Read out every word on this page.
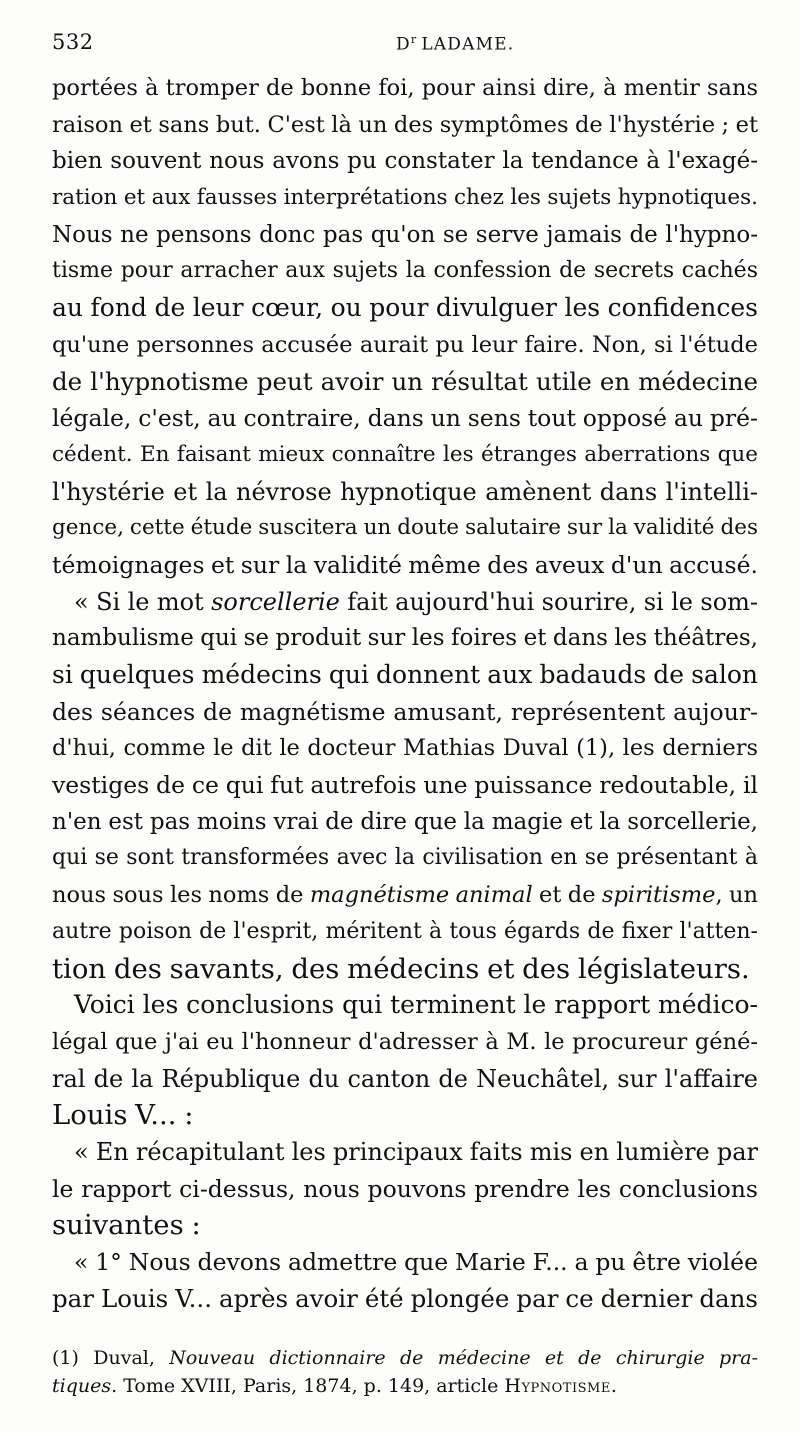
532	$D^r$ LADAME.
portées à tromper de bonne foi, pour ainsi dire, à mentir sans
raison et sans but. C'est là un des symptômes de l'hystérie ; et
bien souvent nous avons pu constater la tendance à l'exagé-
ration et aux fausses interprétations chez les sujets hypnotiques.
Nous ne pensons donc pas qu'on se serve jamais de l'hypno-
tisme pour arracher aux sujets la confession de secrets cachés
au fond de leur cœur, ou pour divulguer les confidences
qu'une personnes accusée aurait pu leur faire. Non, si l'étude
de l'hypnotisme peut avoir un résultat utile en médecine
légale, c'est, au contraire, dans un sens tout opposé au pré-
cédent. En faisant mieux connaître les étranges aberrations que
l'hystérie et la névrose hypnotique amènent dans l'intelli-
gence, cette étude suscitera un doute salutaire sur la validité des
témoignages et sur la validité même des aveux d'un accusé.
« Si le mot sorcellerie fait aujourd'hui sourire, si le som-
nambulisme qui se produit sur les foires et dans les théâtres,
si quelques médecins qui donnent aux badauds de salon
des séances de magnétisme amusant, représentent aujour-
d'hui, comme le dit le docteur Mathias Duval (1), les derniers
vestiges de ce qui fut autrefois une puissance redoutable, il
n'en est pas moins vrai de dire que la magie et la sorcellerie,
qui se sont transformées avec la civilisation en se présentant à
nous sous les noms de magnétisme animal et de spiritisme, un
autre poison de l'esprit, méritent à tous égards de fixer l'atten-
tion des savants, des médecins et des législateurs.
Voici les conclusions qui terminent le rapport médico-
légal que j'ai eu l'honneur d'adresser à M. le procureur géné-
ral de la République du canton de Neuchâtel, sur l'affaire
Louis V... :
« En récapitulant les principaux faits mis en lumière par
le rapport ci-dessus, nous pouvons prendre les conclusions
suivantes :
« 1° Nous devons admettre que Marie F... a pu être violée
par Louis V... après avoir été plongée par ce dernier dans
(1) Duval, Nouveau dictionnaire de médecine et de chirurgie pra-
tiques. Tome XVIII, Paris, 1874, p. 149, article Hypnotisme.
